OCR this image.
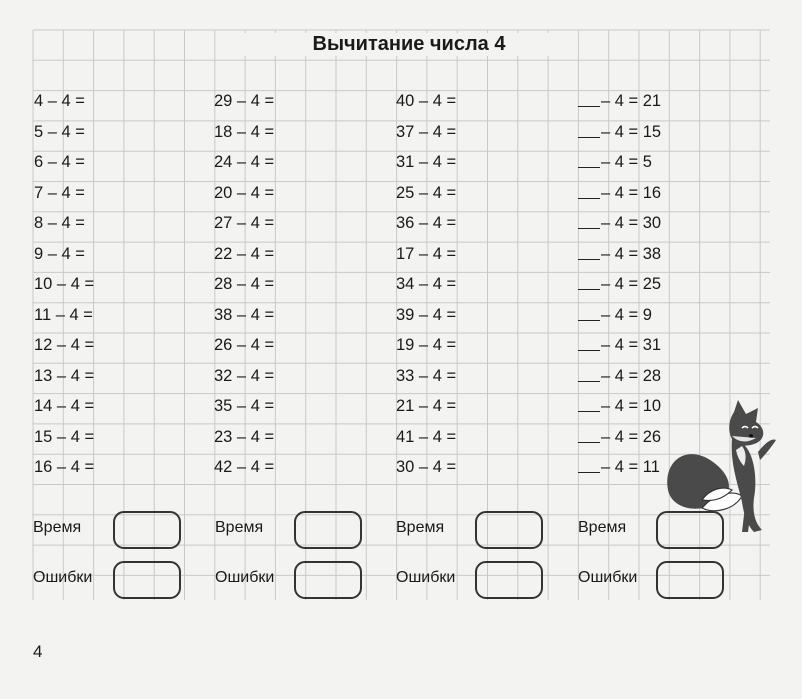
Вычитание числа 4
4 – 4 =
5 – 4 =
6 – 4 =
7 – 4 =
8 – 4 =
9 – 4 =
10 – 4 =
11 – 4 =
12 – 4 =
13 – 4 =
14 – 4 =
15 – 4 =
16 – 4 =
29 – 4 =
18 – 4 =
24 – 4 =
20 – 4 =
27 – 4 =
22 – 4 =
28 – 4 =
38 – 4 =
26 – 4 =
32 – 4 =
35 – 4 =
23 – 4 =
42 – 4 =
40 – 4 =
37 – 4 =
31 – 4 =
25 – 4 =
36 – 4 =
17 – 4 =
34 – 4 =
39 – 4 =
19 – 4 =
33 – 4 =
21 – 4 =
41 – 4 =
30 – 4 =
– 4 = 21
– 4 = 15
– 4 = 5
– 4 = 16
– 4 = 30
– 4 = 38
– 4 = 25
– 4 = 9
– 4 = 31
– 4 = 28
– 4 = 10
– 4 = 26
– 4 = 11
Время
Ошибки
Время
Ошибки
Время
Ошибки
Время
Ошибки
4
